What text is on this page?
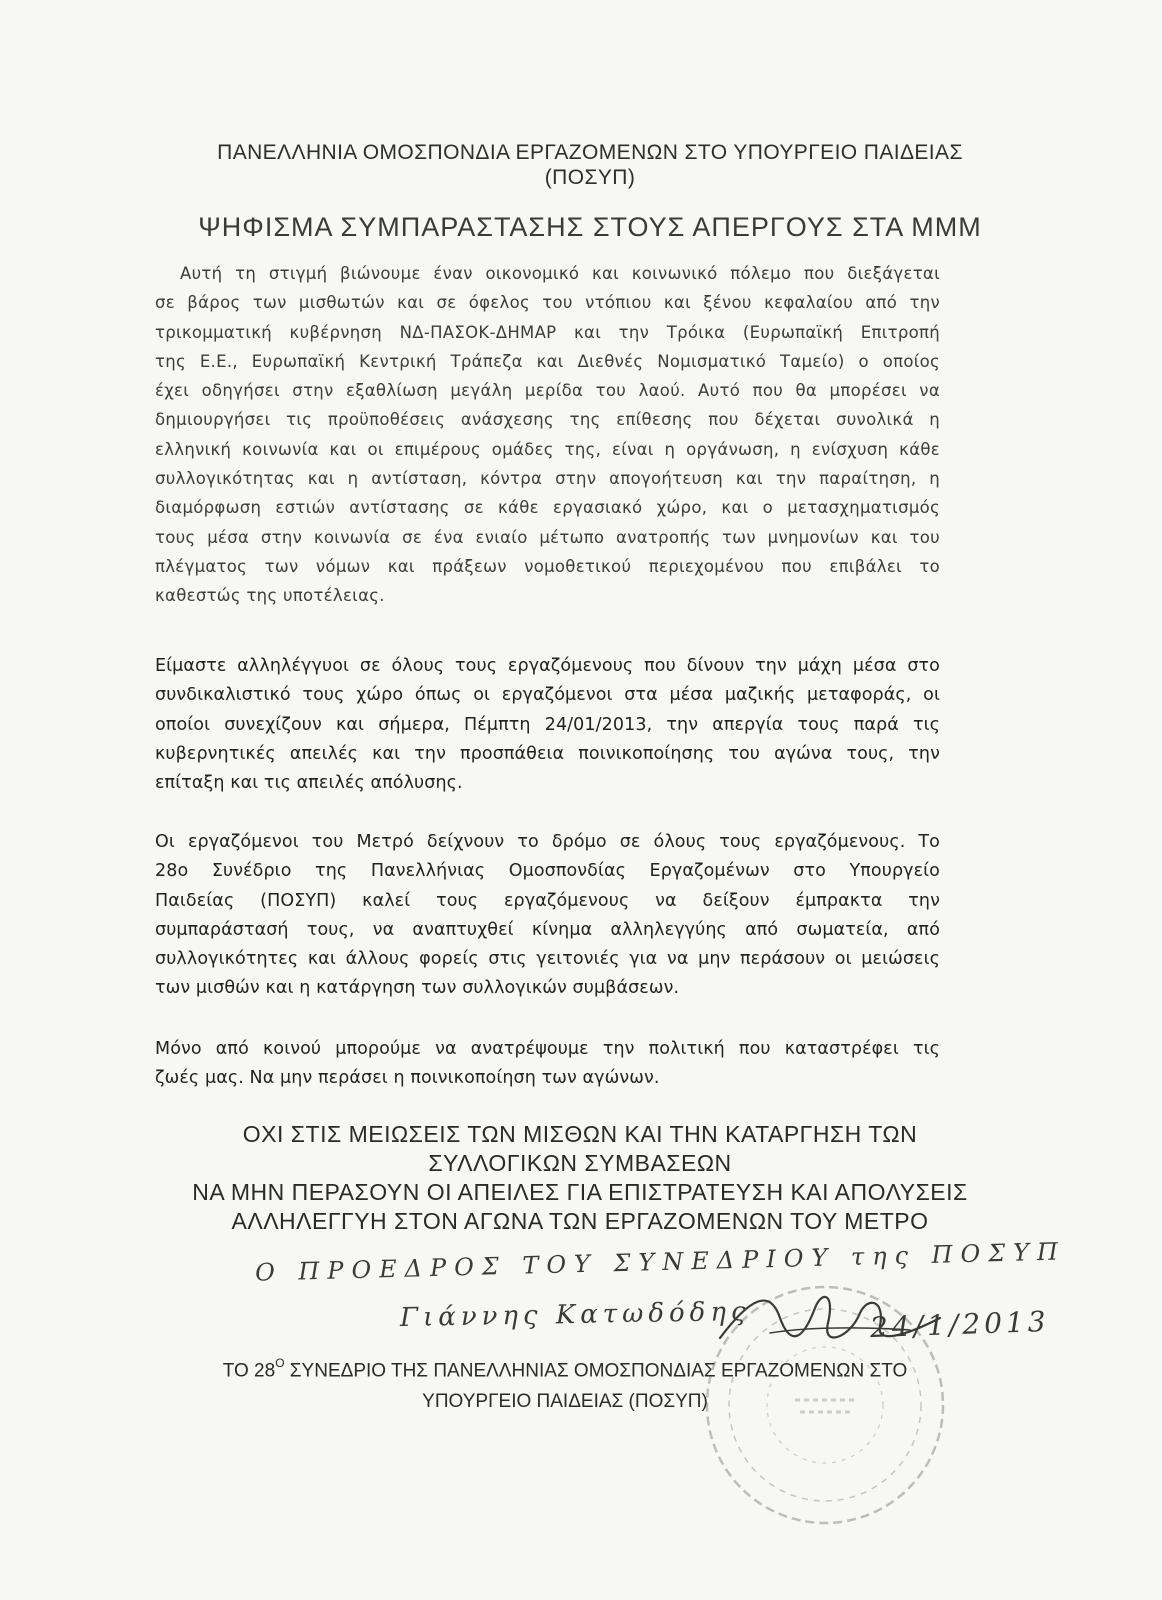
ΠΑΝΕΛΛΗΝΙΑ ΟΜΟΣΠΟΝΔΙΑ ΕΡΓΑΖΟΜΕΝΩΝ ΣΤΟ ΥΠΟΥΡΓΕΙΟ ΠΑΙΔΕΙΑΣ
(ΠΟΣΥΠ)
ΨΗΦΙΣΜΑ ΣΥΜΠΑΡΑΣΤΑΣΗΣ ΣΤΟΥΣ ΑΠΕΡΓΟΥΣ ΣΤΑ ΜΜΜ
Αυτή τη στιγμή βιώνουμε έναν οικονομικό και κοινωνικό πόλεμο που διεξάγεται
σε βάρος των μισθωτών και σε όφελος του ντόπιου και ξένου κεφαλαίου από την
τρικομματική κυβέρνηση ΝΔ-ΠΑΣΟΚ-ΔΗΜΑΡ και την Τρόικα (Ευρωπαϊκή Επιτροπή
της Ε.Ε., Ευρωπαϊκή Κεντρική Τράπεζα και Διεθνές Νομισματικό Ταμείο) ο οποίος
έχει οδηγήσει στην εξαθλίωση μεγάλη μερίδα του λαού. Αυτό που θα μπορέσει να
δημιουργήσει τις προϋποθέσεις ανάσχεσης της επίθεσης που δέχεται συνολικά η
ελληνική κοινωνία και οι επιμέρους ομάδες της, είναι η οργάνωση, η ενίσχυση κάθε
συλλογικότητας και η αντίσταση, κόντρα στην απογοήτευση και την παραίτηση, η
διαμόρφωση εστιών αντίστασης σε κάθε εργασιακό χώρο, και ο μετασχηματισμός
τους μέσα στην κοινωνία σε ένα ενιαίο μέτωπο ανατροπής των μνημονίων και του
πλέγματος των νόμων και πράξεων νομοθετικού περιεχομένου που επιβάλει το
καθεστώς της υποτέλειας.
Είμαστε αλληλέγγυοι σε όλους τους εργαζόμενους που δίνουν την μάχη μέσα στο
συνδικαλιστικό τους χώρο όπως οι εργαζόμενοι στα μέσα μαζικής μεταφοράς, οι
οποίοι συνεχίζουν και σήμερα, Πέμπτη 24/01/2013, την απεργία τους παρά τις
κυβερνητικές απειλές και την προσπάθεια ποινικοποίησης του αγώνα τους, την
επίταξη και τις απειλές απόλυσης.
Οι εργαζόμενοι του Μετρό δείχνουν το δρόμο σε όλους τους εργαζόμενους. Το
28ο Συνέδριο της Πανελλήνιας Ομοσπονδίας Εργαζομένων στο Υπουργείο
Παιδείας (ΠΟΣΥΠ) καλεί τους εργαζόμενους να δείξουν έμπρακτα την
συμπαράστασή τους, να αναπτυχθεί κίνημα αλληλεγγύης από σωματεία, από
συλλογικότητες και άλλους φορείς στις γειτονιές για να μην περάσουν οι μειώσεις
των μισθών και η κατάργηση των συλλογικών συμβάσεων.
Μόνο από κοινού μπορούμε να ανατρέψουμε την πολιτική που καταστρέφει τις
ζωές μας. Να μην περάσει η ποινικοποίηση των αγώνων.
ΟΧΙ ΣΤΙΣ ΜΕΙΩΣΕΙΣ ΤΩΝ ΜΙΣΘΩΝ ΚΑΙ ΤΗΝ ΚΑΤΑΡΓΗΣΗ ΤΩΝ
ΣΥΛΛΟΓΙΚΩΝ ΣΥΜΒΑΣΕΩΝ
ΝΑ ΜΗΝ ΠΕΡΑΣΟΥΝ ΟΙ ΑΠΕΙΛΕΣ ΓΙΑ ΕΠΙΣΤΡΑΤΕΥΣΗ ΚΑΙ ΑΠΟΛΥΣΕΙΣ
ΑΛΛΗΛΕΓΓΥΗ ΣΤΟΝ ΑΓΩΝΑ ΤΩΝ ΕΡΓΑΖΟΜΕΝΩΝ ΤΟΥ ΜΕΤΡΟ
Ο ΠΡΟΕΔΡΟΣ ΤΟΥ ΣΥΝΕΔΡΙΟΥ της ΠΟΣΥΠ
Γιάννης Κατωδόδης	24/1/2013
ΤΟ $28^O$ ΣΥΝΕΔΡΙΟ ΤΗΣ ΠΑΝΕΛΛΗΝΙΑΣ ΟΜΟΣΠΟΝΔΙΑΣ ΕΡΓΑΖΟΜΕΝΩΝ ΣΤΟ
ΥΠΟΥΡΓΕΙΟ ΠΑΙΔΕΙΑΣ (ΠΟΣΥΠ)
